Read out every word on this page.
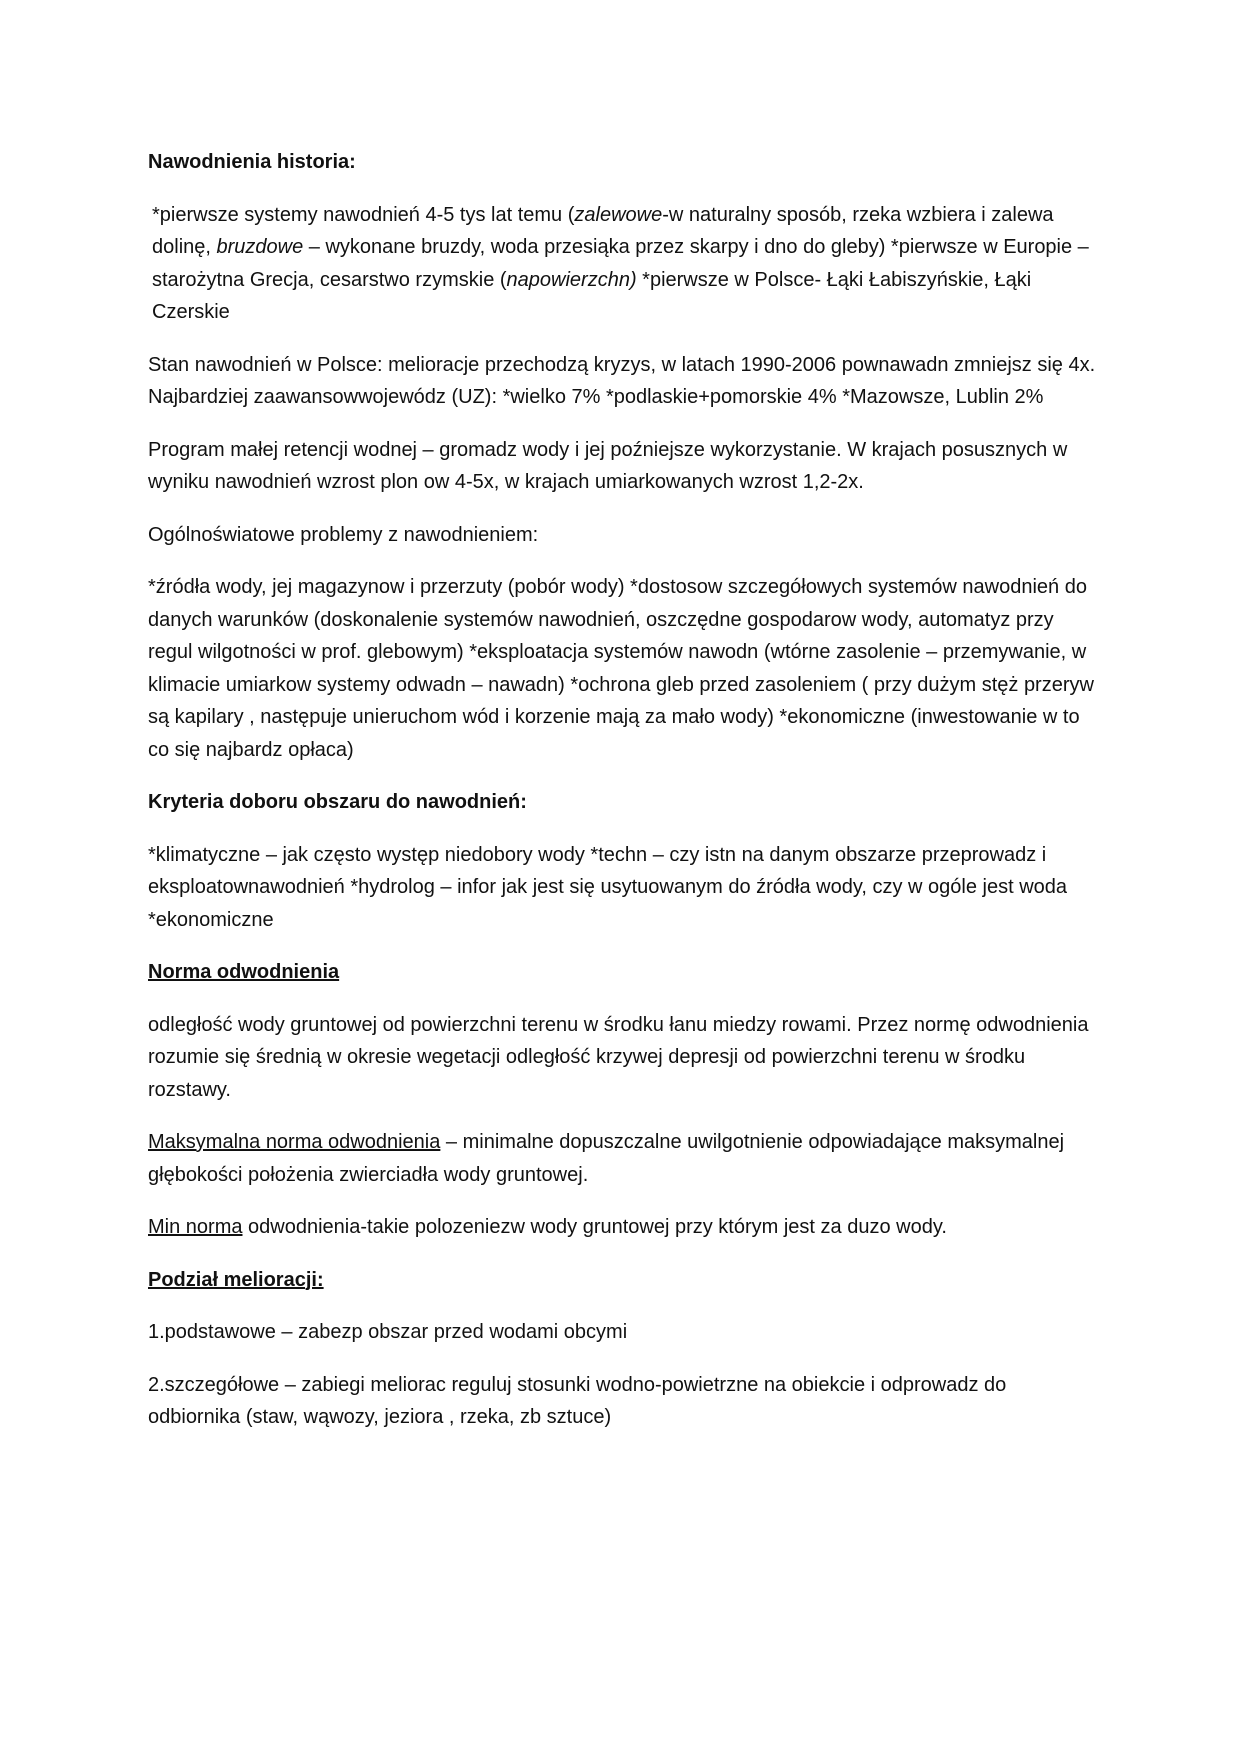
Nawodnienia historia:

*pierwsze systemy nawodnień 4-5 tys lat temu (zalewowe-w naturalny sposób, rzeka wzbiera i zalewa dolinę, bruzdowe – wykonane bruzdy, woda przesiąka przez skarpy i dno do gleby) *pierwsze w Europie – starożytna Grecja, cesarstwo rzymskie (napowierzchn) *pierwsze w Polsce- Łąki Łabiszyńskie, Łąki Czerskie

Stan nawodnień w Polsce: melioracje przechodzą kryzys, w latach 1990-2006 pownawadn zmniejsz się 4x. Najbardziej zaawansowwojewódz (UZ): *wielko 7% *podlaskie+pomorskie 4% *Mazowsze, Lublin 2%

Program małej retencji wodnej – gromadz wody i jej poźniejsze wykorzystanie. W krajach posusznych w wyniku nawodnień wzrost plon ow 4-5x, w krajach umiarkowanych wzrost 1,2-2x.

Ogólnoświatowe problemy z nawodnieniem:

*źródła wody, jej magazynow i przerzuty (pobór wody) *dostosow szczegółowych systemów nawodnień do danych warunków (doskonalenie systemów nawodnień, oszczędne gospodarow wody, automatyz przy regul wilgotności w prof. glebowym) *eksploatacja systemów nawodn (wtórne zasolenie – przemywanie, w klimacie umiarkow systemy odwadn – nawadn) *ochrona gleb przed zasoleniem ( przy dużym stęż przeryw są kapilary , następuje unieruchom wód i korzenie mają za mało wody) *ekonomiczne (inwestowanie w to co się najbardz opłaca)

Kryteria doboru obszaru do nawodnień:

*klimatyczne – jak często występ niedobory wody *techn – czy istn na danym obszarze przeprowadz i eksploatownawodnień *hydrolog – infor jak jest się usytuowanym do źródła wody, czy w ogóle jest woda *ekonomiczne

Norma odwodnienia

odległość wody gruntowej od powierzchni terenu w środku łanu miedzy rowami. Przez normę odwodnienia rozumie się średnią w okresie wegetacji odległość krzywej depresji od powierzchni terenu w środku rozstawy.

Maksymalna norma odwodnienia – minimalne dopuszczalne uwilgotnienie odpowiadające maksymalnej głębokości położenia zwierciadła wody gruntowej.

Min norma odwodnienia-takie polozeniezw wody gruntowej przy którym jest za duzo wody.

Podział melioracji:

1.podstawowe – zabezp obszar przed wodami obcymi

2.szczegółowe – zabiegi meliorac reguluj stosunki wodno-powietrzne na obiekcie i odprowadz do odbiornika (staw, wąwozy, jeziora , rzeka, zb sztuce)
